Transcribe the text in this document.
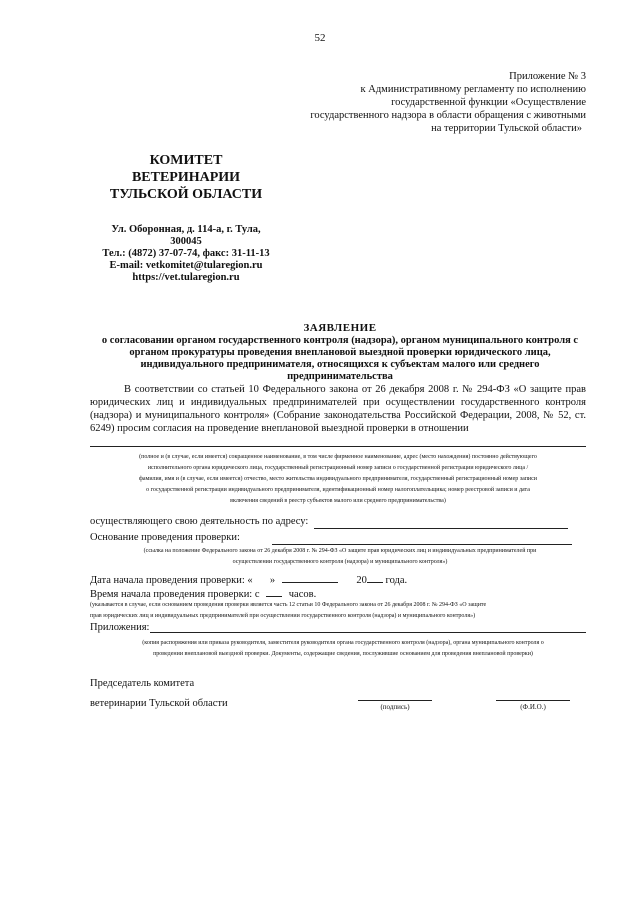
52
Приложение № 3
к Административному регламенту по исполнению
государственной функции «Осуществление
государственного надзора в области обращения с животными
на территории Тульской области»
КОМИТЕТ ВЕТЕРИНАРИИ
ТУЛЬСКОЙ ОБЛАСТИ
Ул. Оборонная, д. 114-а, г. Тула,
300045
Тел.: (4872) 37-07-74, факс: 31-11-13
E-mail: vetkomitet@tularegion.ru
https://vet.tularegion.ru
ЗАЯВЛЕНИЕ
о согласовании органом государственного контроля (надзора), органом муниципального контроля с
органом прокуратуры проведения внеплановой выездной проверки юридического лица,
индивидуального предпринимателя, относящихся к субъектам малого или среднего
предпринимательства
В соответствии со статьей 10 Федерального закона от 26 декабря 2008 г. № 294-ФЗ «О защите прав юридических лиц и индивидуальных предпринимателей при осуществлении государственного контроля (надзора) и муниципального контроля» (Собрание законодательства Российской Федерации, 2008, № 52, ст. 6249) просим согласия на проведение внеплановой выездной проверки в отношении
(полное и (в случае, если имеется) сокращенное наименование, в том числе фирменное наименование, адрес (место нахождения) постоянно действующего
исполнительного органа юридического лица, государственный регистрационный номер записи о государственной регистрации юридического лица /
фамилия, имя и (в случае, если имеется) отчество, место жительства индивидуального предпринимателя, государственный регистрационный номер записи
о государственной регистрации индивидуального предпринимателя, идентификационный номер налогоплательщика; номер реестровой записи и дата
включения сведений в реестр субъектов малого или среднего предпринимательства)
осуществляющего свою деятельность по адресу:
Основание проведения проверки:
(ссылка на положение Федерального закона от 26 декабря 2008 г. № 294-ФЗ «О защите прав юридических лиц и индивидуальных предпринимателей при
осуществлении государственного контроля (надзора) и муниципального контроля»)
Дата начала проведения проверки: « »	20 года.
Время начала проведения проверки: с	часов.
(указывается в случае, если основанием проведения проверки является часть 12 статьи 10 Федерального закона от 26 декабря 2008 г. № 294-ФЗ «О защите
прав юридических лиц и индивидуальных предпринимателей при осуществлении государственного контроля (надзора) и муниципального контроля»)
Приложения:
(копия распоряжения или приказа руководителя, заместителя руководителя органа государственного контроля (надзора), органа муниципального контроля о
проведении внеплановой выездной проверки. Документы, содержащие сведения, послужившие основанием для проведения внеплановой проверки)
Председатель комитета
ветеринарии Тульской области	(подпись)	(Ф.И.О.)
